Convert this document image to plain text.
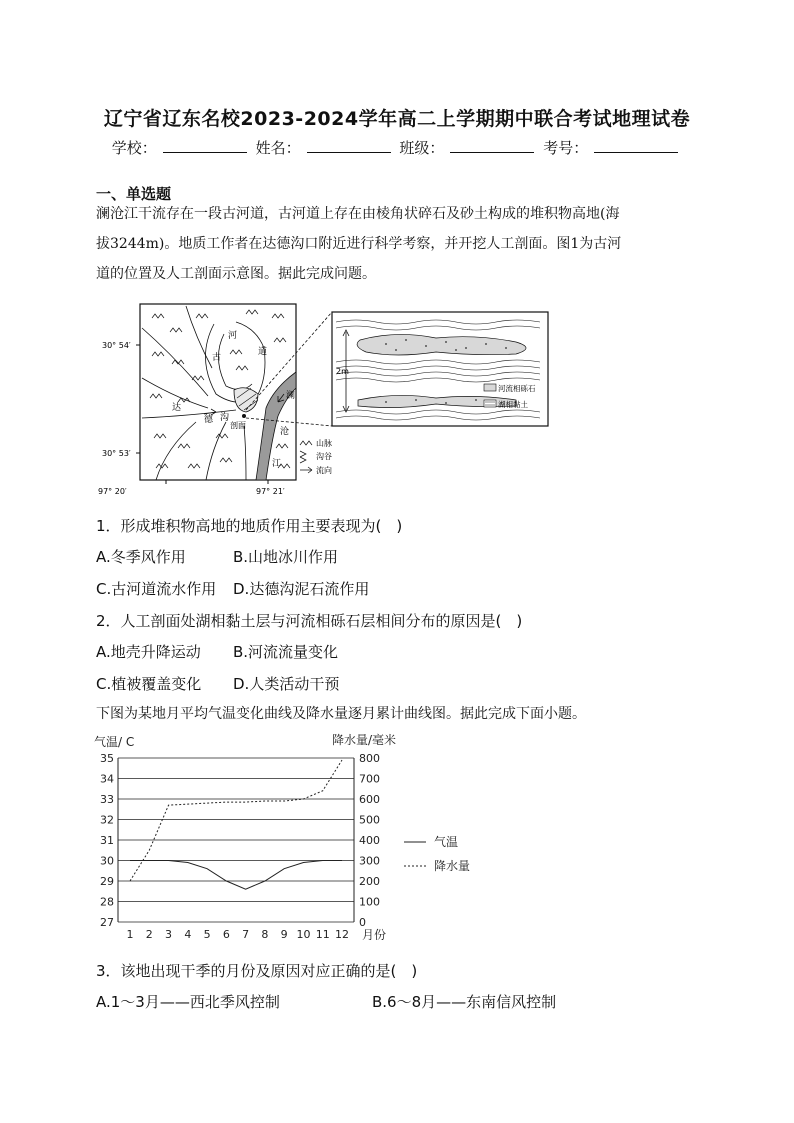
辽宁省辽东名校2023-2024学年高二上学期期中联合考试地理试卷
学校：	姓名：	班级：	考号：
一、单选题
澜沧江干流存在一段古河道，古河道上存在由棱角状碎石及砂土构成的堆积物高地(海
拔3244m)。地质工作者在达德沟口附近进行科学考察，并开挖人工剖面。图1为古河
道的位置及人工剖面示意图。据此完成问题。
30° 54′
30° 53′
97° 20′	97° 21′
澜
沧
江
古
河
道
达
德 沟
剖面
山脉
沟谷
流向
2m
河流相砾石
湖相黏土
1．形成堆积物高地的地质作用主要表现为(　)
A.冬季风作用	B.山地冰川作用
C.古河道流水作用 D.达德沟泥石流作用
2．人工剖面处湖相黏土层与河流相砾石层相间分布的原因是(　)
A.地壳升降运动 B.河流流量变化
C.植被覆盖变化 D.人类活动干预
下图为某地月平均气温变化曲线及降水量逐月累计曲线图。据此完成下面小题。
气温/ C	降水量/毫米
27
28
29
30
31
32
33
34
35
0
100
200
300
400
500
600
700
800
1 2 3 4 5 6 7 8 9 10 11 12 月份
气温
降水量
3．该地出现干季的月份及原因对应正确的是(　)
A.1～3月——西北季风控制	B.6～8月——东南信风控制
